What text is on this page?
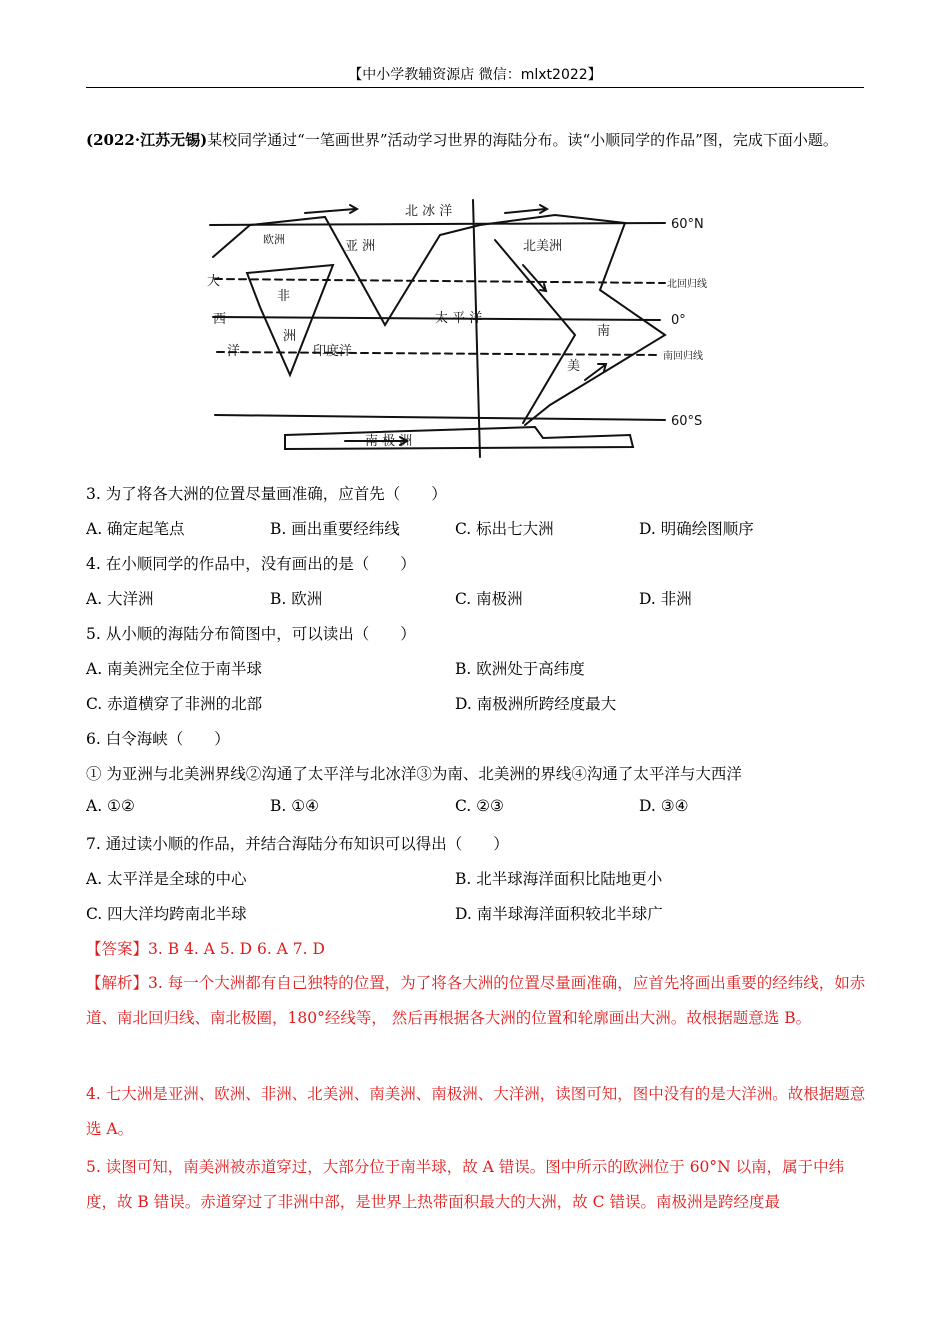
【中小学教辅资源店 微信：mlxt2022】
(2022·江苏无锡)某校同学通过“一笔画世界”活动学习世界的海陆分布。读“小顺同学的作品”图，完成下面小题。
60°N
60°S
0°
北回归线
南回归线
亚 洲
欧洲
非
洲
印度洋
大
西
洋
北 冰 洋
太 平 洋
北美洲
南
美
南 极 洲
3. 为了将各大洲的位置尽量画准确，应首先（　　）
A. 确定起笔点	B. 画出重要经纬线	C. 标出七大洲	D. 明确绘图顺序
4. 在小顺同学的作品中，没有画出的是（　　）
A. 大洋洲	B. 欧洲	C. 南极洲	D. 非洲
5. 从小顺的海陆分布简图中，可以读出（　　）
A. 南美洲完全位于南半球	B. 欧洲处于高纬度
C. 赤道横穿了非洲的北部	D. 南极洲所跨经度最大
6. 白令海峡（　　）
① 为亚洲与北美洲界线②沟通了太平洋与北冰洋③为南、北美洲的界线④沟通了太平洋与大西洋
A. ①②	B. ①④	C. ②③	D. ③④
7. 通过读小顺的作品，并结合海陆分布知识可以得出（　　）
A. 太平洋是全球的中心	B. 北半球海洋面积比陆地更小
C. 四大洋均跨南北半球	D. 南半球海洋面积较北半球广
【答案】3. B 4. A 5. D 6. A 7. D
【解析】3. 每一个大洲都有自己独特的位置，为了将各大洲的位置尽量画准确，应首先将画出重要的经纬线，如赤道、南北回归线、南北极圈，180°经线等， 然后再根据各大洲的位置和轮廓画出大洲。故根据题意选 B。
4. 七大洲是亚洲、欧洲、非洲、北美洲、南美洲、南极洲、大洋洲，读图可知，图中没有的是大洋洲。故根据题意选 A。
5. 读图可知，南美洲被赤道穿过，大部分位于南半球，故 A 错误。图中所示的欧洲位于 60°N 以南，属于中纬度，故 B 错误。赤道穿过了非洲中部，是世界上热带面积最大的大洲，故 C 错误。南极洲是跨经度最
